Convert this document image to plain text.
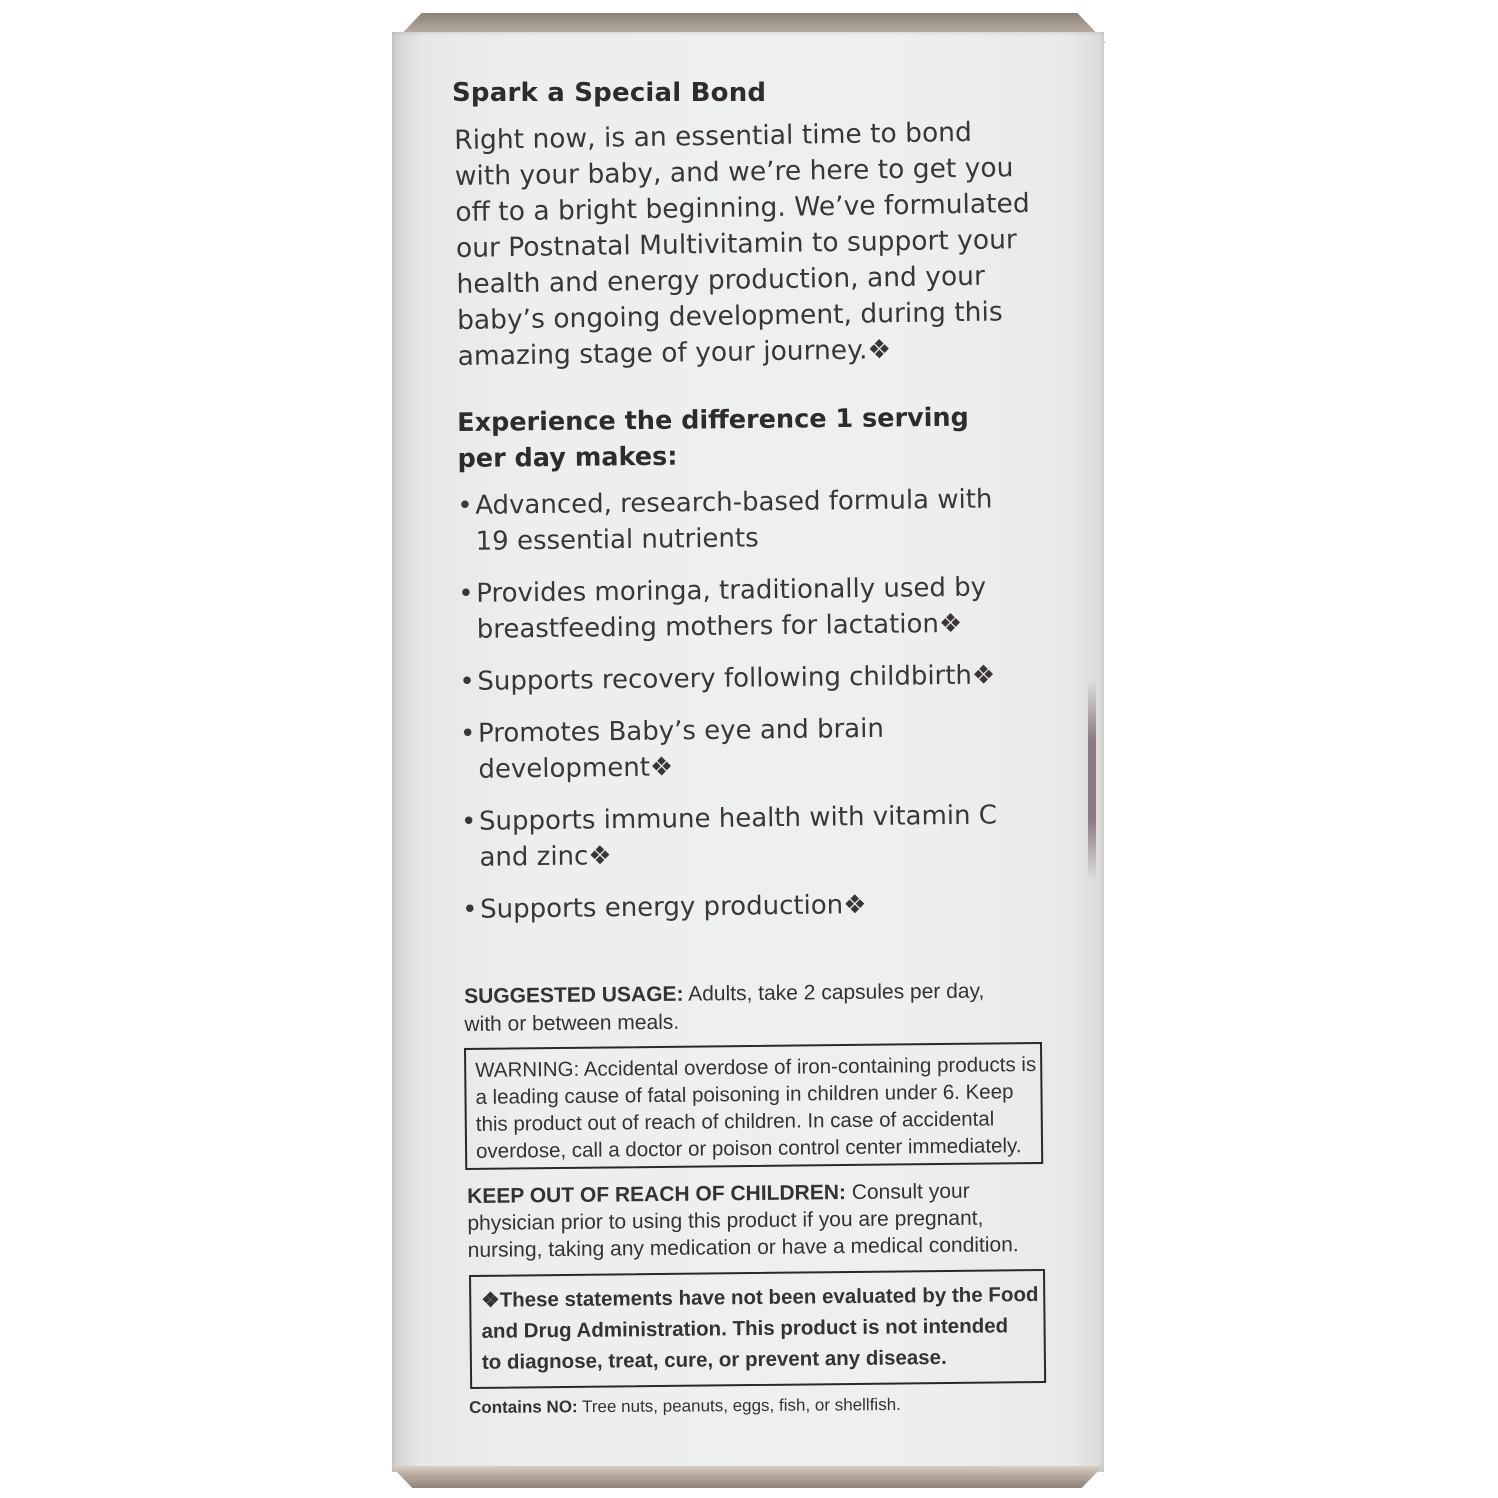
Spark a Special Bond
Right now, is an essential time to bond
with your baby, and we’re here to get you
off to a bright beginning. We’ve formulated
our Postnatal Multivitamin to support your
health and energy production, and your
baby’s ongoing development, during this
amazing stage of your journey.❖
Experience the difference 1 serving
per day makes:
• Advanced, research-based formula with
19 essential nutrients
• Provides moringa, traditionally used by
breastfeeding mothers for lactation❖
• Supports recovery following childbirth❖
• Promotes Baby’s eye and brain
development❖
• Supports immune health with vitamin C
and zinc❖
• Supports energy production❖
SUGGESTED USAGE: Adults, take 2 capsules per day,
with or between meals.
WARNING: Accidental overdose of iron-containing products is
a leading cause of fatal poisoning in children under 6. Keep
this product out of reach of children. In case of accidental
overdose, call a doctor or poison control center immediately.
KEEP OUT OF REACH OF CHILDREN: Consult your
physician prior to using this product if you are pregnant,
nursing, taking any medication or have a medical condition.
❖These statements have not been evaluated by the Food
and Drug Administration. This product is not intended
to diagnose, treat, cure, or prevent any disease.
Contains NO: Tree nuts, peanuts, eggs, fish, or shellfish.
